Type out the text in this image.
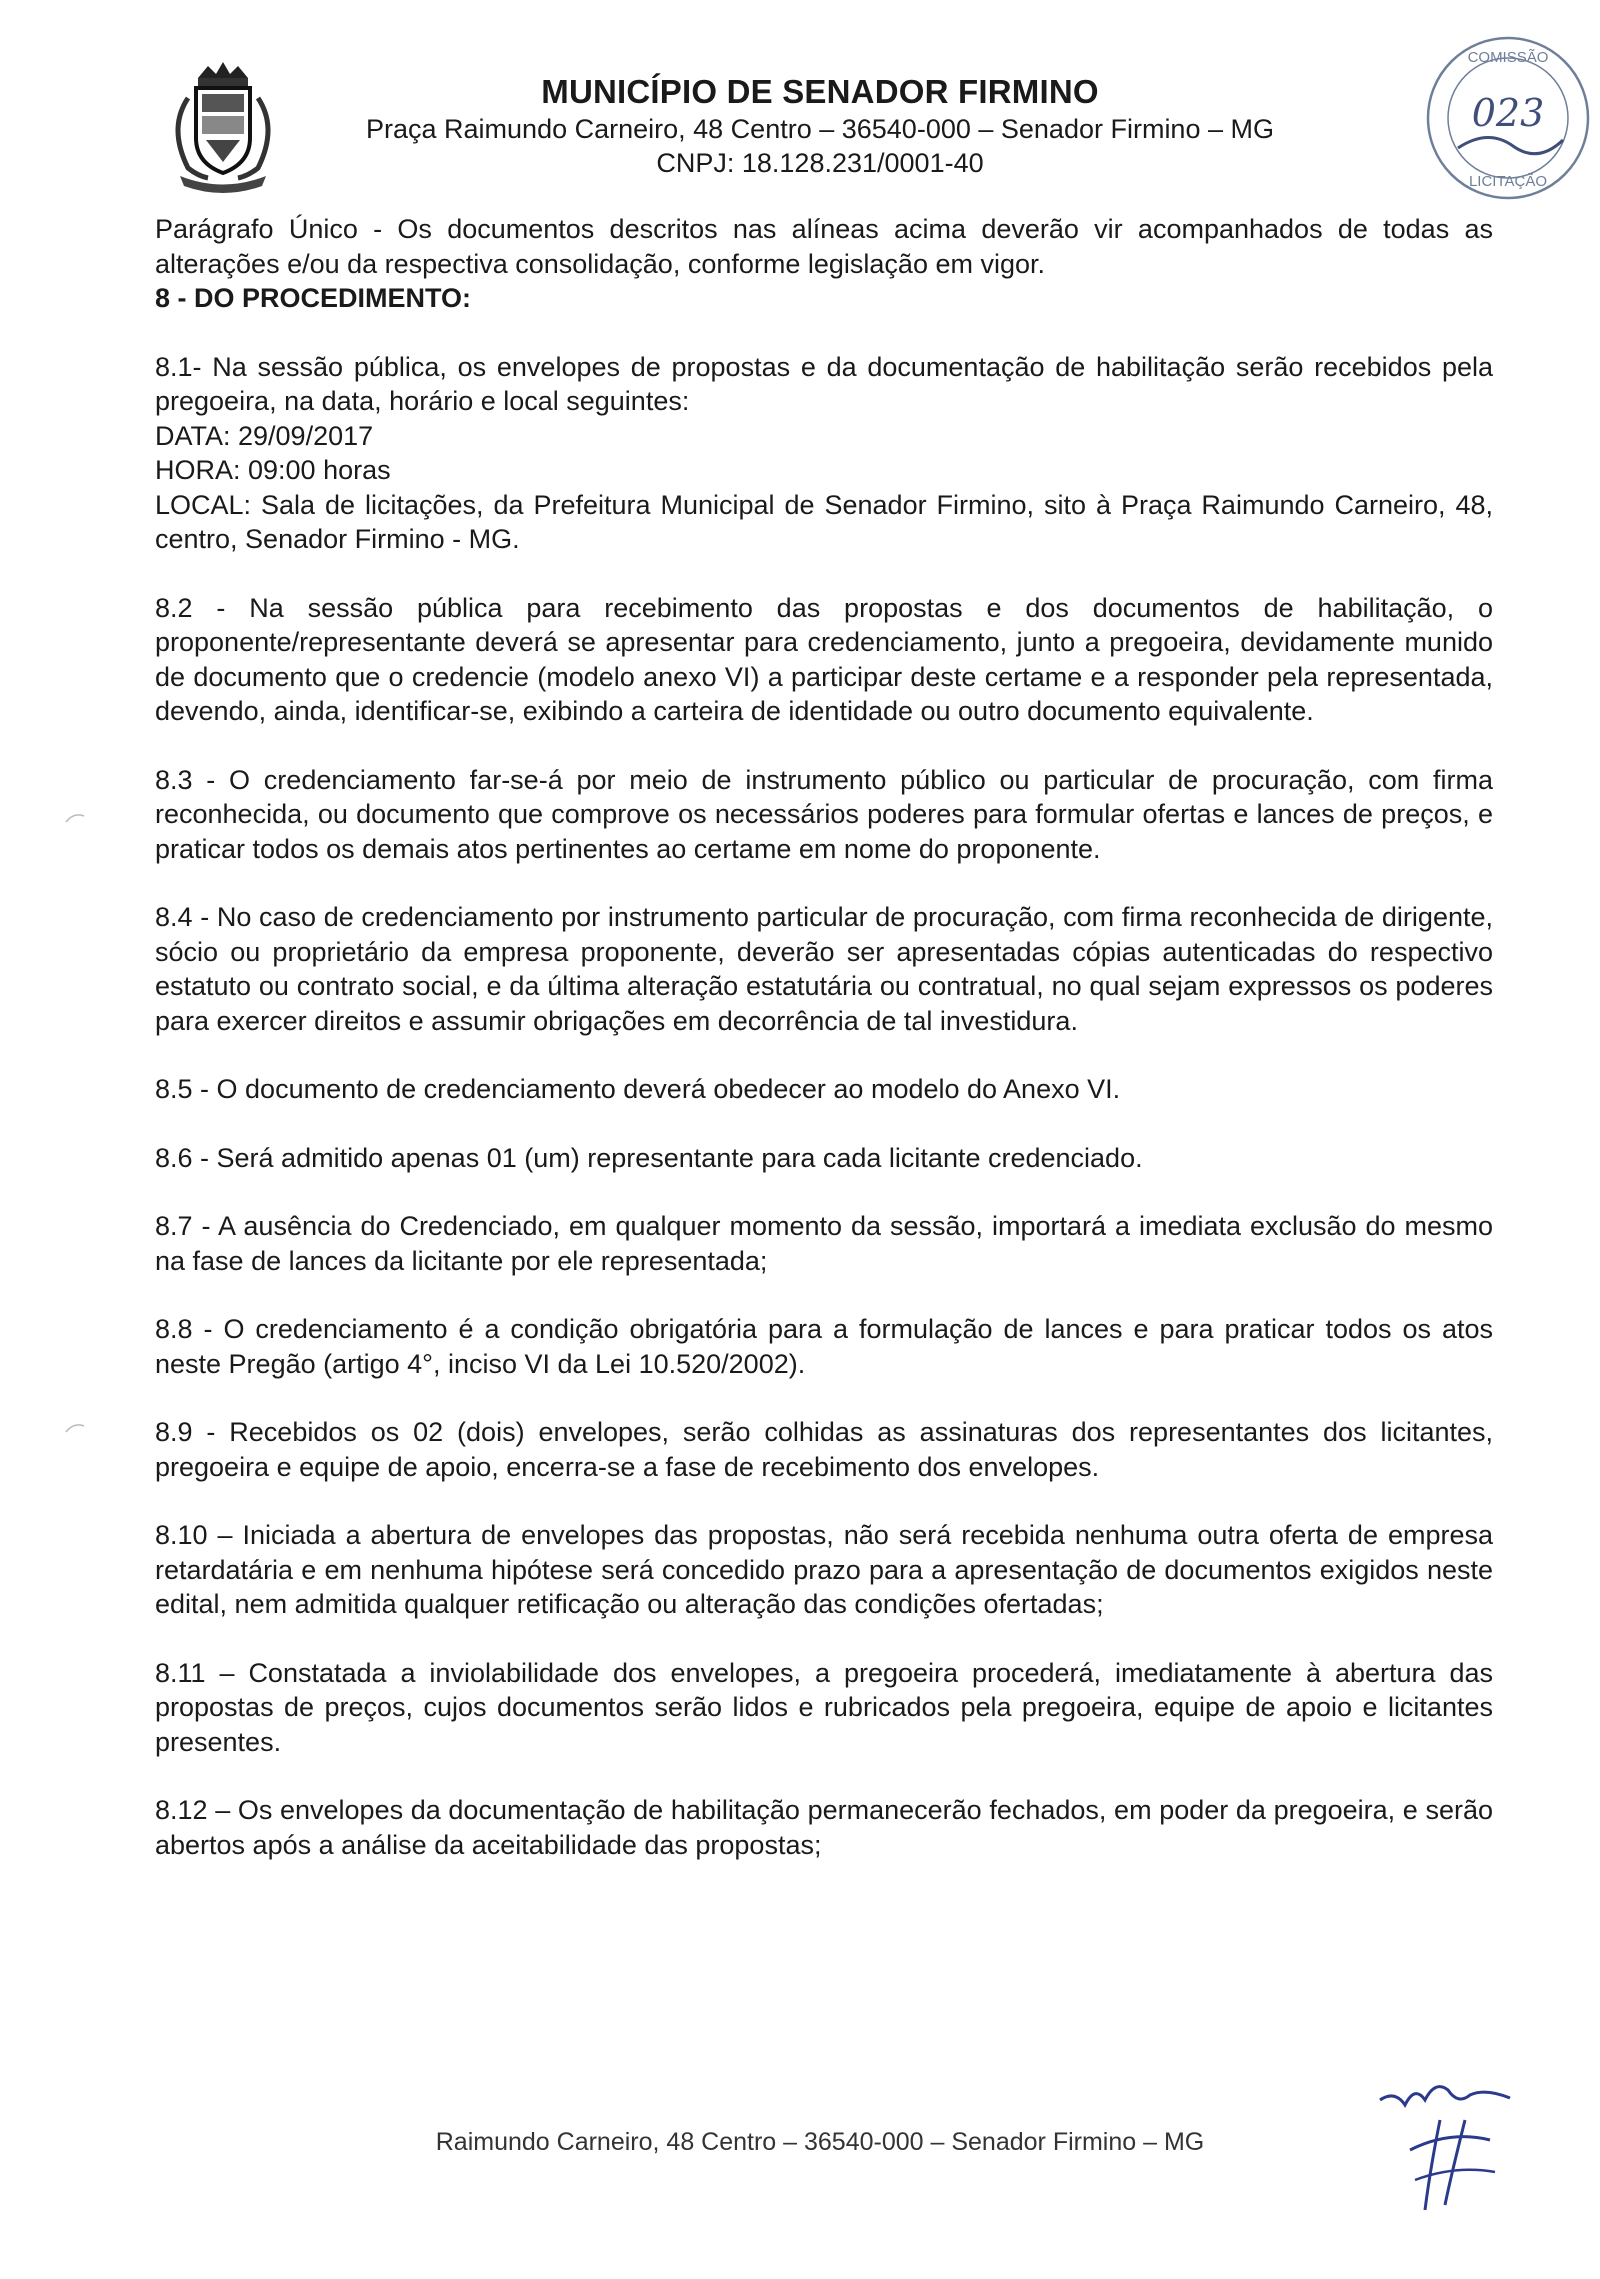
MUNICÍPIO DE SENADOR FIRMINO
Praça Raimundo Carneiro, 48 Centro – 36540-000 – Senador Firmino – MG
CNPJ: 18.128.231/0001-40
COMISSÃO
LICITAÇÃO
023

Parágrafo Único - Os documentos descritos nas alíneas acima deverão vir acompanhados de todas as alterações e/ou da respectiva consolidação, conforme legislação em vigor.

8 - DO PROCEDIMENTO:

8.1- Na sessão pública, os envelopes de propostas e da documentação de habilitação serão recebidos pela pregoeira, na data, horário e local seguintes:

DATA: 29/09/2017

HORA: 09:00 horas

LOCAL: Sala de licitações, da Prefeitura Municipal de Senador Firmino, sito à Praça Raimundo Carneiro, 48, centro, Senador Firmino - MG.

8.2 - Na sessão pública para recebimento das propostas e dos documentos de habilitação, o proponente/representante deverá se apresentar para credenciamento, junto a pregoeira, devidamente munido de documento que o credencie (modelo anexo VI) a participar deste certame e a responder pela representada, devendo, ainda, identificar-se, exibindo a carteira de identidade ou outro documento equivalente.

8.3 - O credenciamento far-se-á por meio de instrumento público ou particular de procuração, com firma reconhecida, ou documento que comprove os necessários poderes para formular ofertas e lances de preços, e praticar todos os demais atos pertinentes ao certame em nome do proponente.

8.4 - No caso de credenciamento por instrumento particular de procuração, com firma reconhecida de dirigente, sócio ou proprietário da empresa proponente, deverão ser apresentadas cópias autenticadas do respectivo estatuto ou contrato social, e da última alteração estatutária ou contratual, no qual sejam expressos os poderes para exercer direitos e assumir obrigações em decorrência de tal investidura.

8.5 - O documento de credenciamento deverá obedecer ao modelo do Anexo VI.

8.6 - Será admitido apenas 01 (um) representante para cada licitante credenciado.

8.7 - A ausência do Credenciado, em qualquer momento da sessão, importará a imediata exclusão do mesmo na fase de lances da licitante por ele representada;

8.8 - O credenciamento é a condição obrigatória para a formulação de lances e para praticar todos os atos neste Pregão (artigo 4°, inciso VI da Lei 10.520/2002).

8.9 - Recebidos os 02 (dois) envelopes, serão colhidas as assinaturas dos representantes dos licitantes, pregoeira e equipe de apoio, encerra-se a fase de recebimento dos envelopes.

8.10 – Iniciada a abertura de envelopes das propostas, não será recebida nenhuma outra oferta de empresa retardatária e em nenhuma hipótese será concedido prazo para a apresentação de documentos exigidos neste edital, nem admitida qualquer retificação ou alteração das condições ofertadas;

8.11 – Constatada a inviolabilidade dos envelopes, a pregoeira procederá, imediatamente à abertura das propostas de preços, cujos documentos serão lidos e rubricados pela pregoeira, equipe de apoio e licitantes presentes.

8.12 – Os envelopes da documentação de habilitação permanecerão fechados, em poder da pregoeira, e serão abertos após a análise da aceitabilidade das propostas;

Raimundo Carneiro, 48 Centro – 36540-000 – Senador Firmino – MG
